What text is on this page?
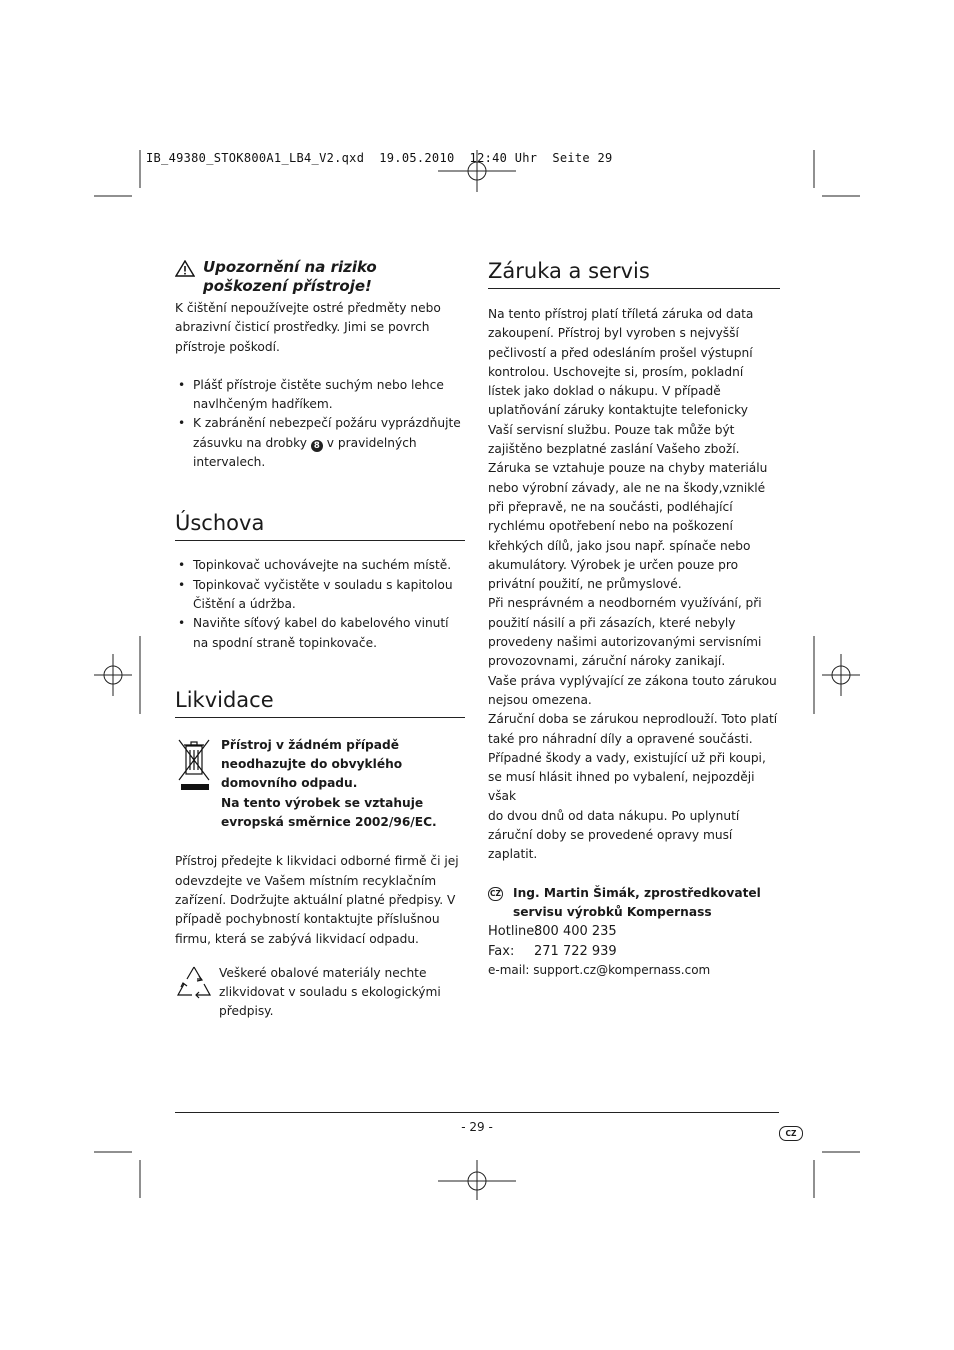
IB_49380_STOK800A1_LB4_V2.qxd  19.05.2010  12:40 Uhr  Seite 29
Upozornění na riziko poškození přístroje!

K čištění nepoužívejte ostré předměty nebo abrazivní čisticí prostředky. Jimi se povrch přístroje poškodí.

• Plášť přístroje čistěte suchým nebo lehce navlhčeným hadříkem.
• K zabránění nebezpečí požáru vyprázdňujte zásuvku na drobky 8 v pravidelných intervalech.
Úschova
• Topinkovač uchovávejte na suchém místě.
• Topinkovač vyčistěte v souladu s kapitolou Čištění a údržba.
• Naviňte síťový kabel do kabelového vinutí na spodní straně topinkovače.
Likvidace
Přístroj v žádném případě neodhazujte do obvyklého domovního odpadu.
Na tento výrobek se vztahuje evropská směrnice 2002/96/EC.

Přístroj předejte k likvidaci odborné firmě či jej odevzdejte ve Vašem místním recyklačním zařízení. Dodržujte aktuální platné předpisy. V případě pochybností kontaktujte příslušnou firmu, která se zabývá likvidací odpadu.

Veškeré obalové materiály nechte zlikvidovat v souladu s ekologickými předpisy.
Záruka a servis

Na tento přístroj platí tříletá záruka od data zakoupení. Přístroj byl vyroben s nejvyšší pečlivostí a před odesláním prošel výstupní kontrolou. Uschovejte si, prosím, pokladní

lístek jako doklad o nákupu. V případě uplatňování záruky kontaktujte telefonicky

Vaší servisní službu. Pouze tak může být zajištěno bezplatné zaslání Vašeho zboží.

Záruka se vztahuje pouze na chyby materiálu nebo výrobní závady, ale ne na škody,vzniklé při přepravě, ne na součásti, podléhající rychlému opotřebení nebo na poškození křehkých dílů, jako jsou např. spínače nebo akumulátory. Výrobek je určen pouze pro privátní použití, ne průmyslové.

Při nesprávném a neodborném využívání, při použití násilí a při zásazích, které nebyly provedeny našimi autorizovanými servisními provozovnami, záruční nároky zanikají.

Vaše práva vyplývající ze zákona touto zárukou nejsou omezena.

Záruční doba se zárukou neprodlouží. Toto platí také pro náhradní díly a opravené součásti. Případné škody a vady, existující už při koupi, se musí hlásit ihned po vybalení, nejpozději však

do dvou dnů od data nákupu. Po uplynutí záruční doby se provedené opravy musí zaplatit.

CZ Ing. Martin Šimák, zprostředkovatel servisu výrobků Kompernass
Hotline:
800 400 235
Fax:	271 722 939
e-mail: support.cz@kompernass.com
- 29 -	CZ
